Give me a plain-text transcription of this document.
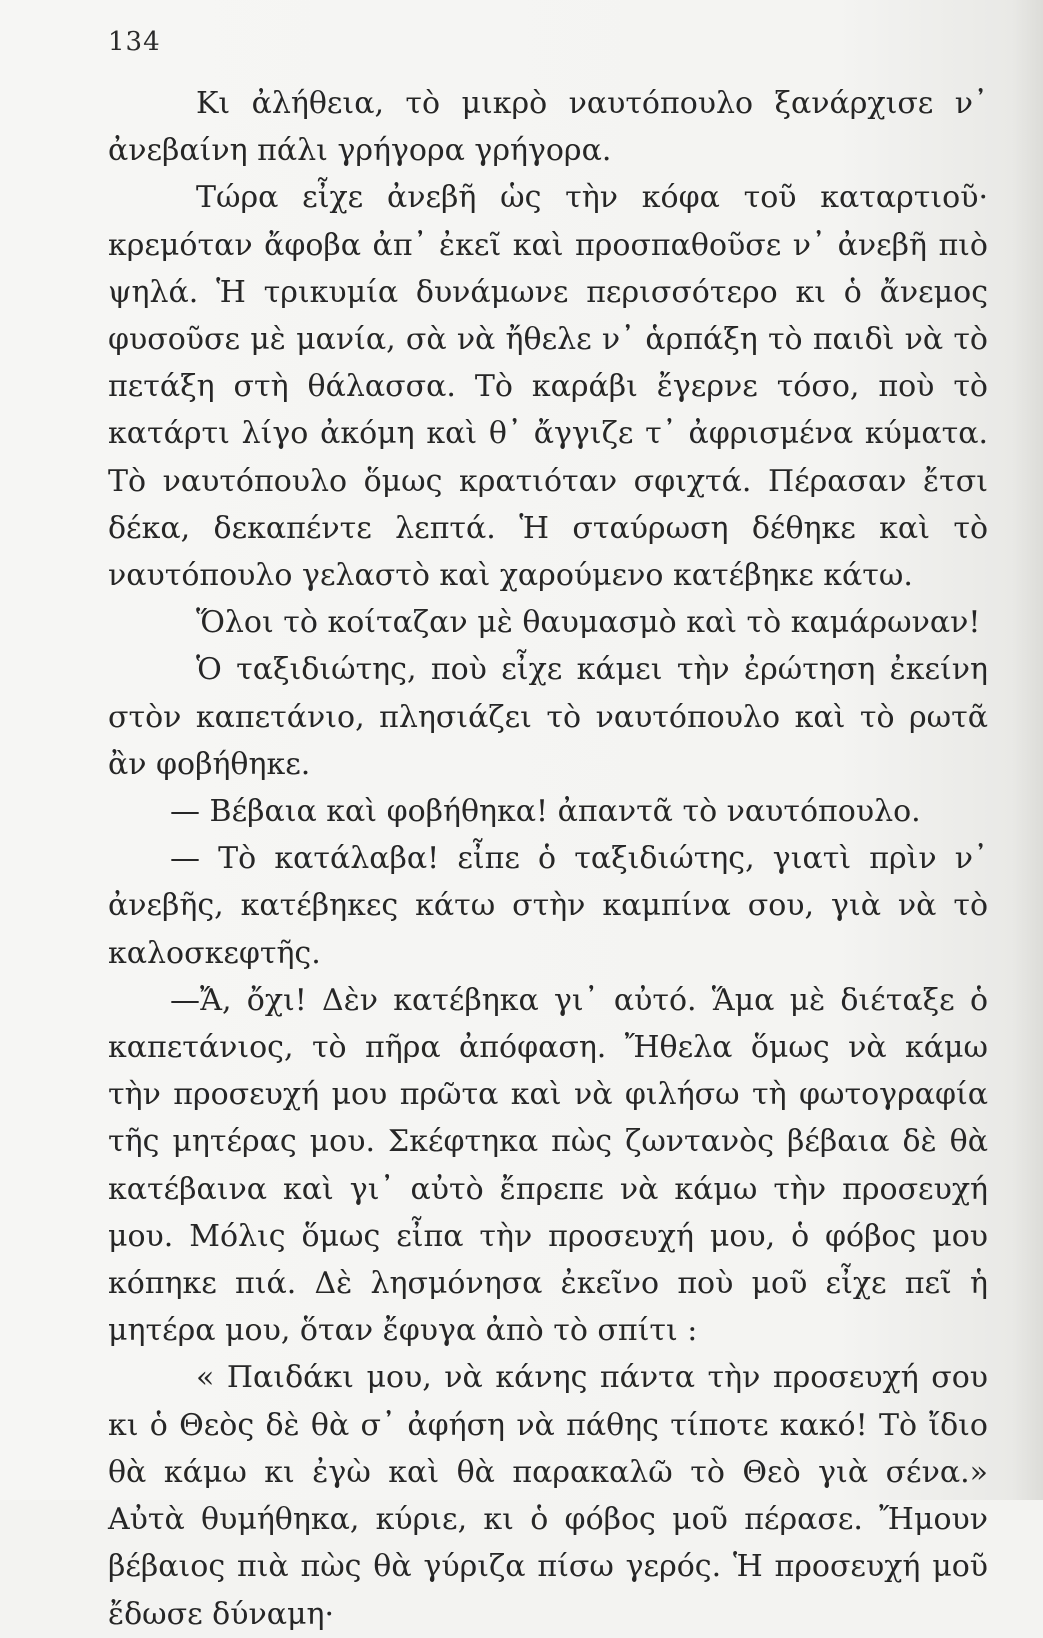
134

Κι ἀλήθεια, τὸ μικρὸ ναυτόπουλο ξανάρχισε ν᾽ ἀνεβαίνη πάλι γρήγορα γρήγορα.

Τώρα εἶχε ἀνεβῆ ὡς τὴν κόφα τοῦ καταρτιοῦ· κρεμόταν ἄφοβα ἀπ᾽ ἐκεῖ καὶ προσπαθοῦσε ν᾽ ἀνεβῆ πιὸ ψηλά. Ἡ τρικυμία δυνάμωνε περισσότερο κι ὁ ἄνεμος φυσοῦσε μὲ μανία, σὰ νὰ ἤθελε ν᾽ ἁρπάξη τὸ παιδὶ νὰ τὸ πετάξη στὴ θάλασσα. Τὸ καράβι ἔγερνε τόσο, ποὺ τὸ κατάρτι λίγο ἀκόμη καὶ θ᾽ ἄγγιζε τ᾽ ἀφρισμένα κύματα. Τὸ ναυτόπουλο ὅμως κρατιόταν σφιχτά. Πέρασαν ἔτσι δέκα, δεκαπέντε λεπτά. Ἡ σταύρωση δέθηκε καὶ τὸ ναυτόπουλο γελαστὸ καὶ χαρούμενο κατέβηκε κάτω.

Ὅλοι τὸ κοίταζαν μὲ θαυμασμὸ καὶ τὸ καμάρωναν!

Ὁ ταξιδιώτης, ποὺ εἶχε κάμει τὴν ἐρώτηση ἐκείνη στὸν καπετάνιο, πλησιάζει τὸ ναυτόπουλο καὶ τὸ ρωτᾶ ἂν φοβήθηκε.

— Βέβαια καὶ φοβήθηκα! ἀπαντᾶ τὸ ναυτόπουλο.

— Τὸ κατάλαβα! εἶπε ὁ ταξιδιώτης, γιατὶ πρὶν ν᾽ ἀνεβῆς, κατέβηκες κάτω στὴν καμπίνα σου, γιὰ νὰ τὸ καλοσκεφτῆς.

—Ἄ, ὄχι! Δὲν κατέβηκα γι᾽ αὐτό. Ἅμα μὲ διέταξε ὁ καπετάνιος, τὸ πῆρα ἀπόφαση. Ἤθελα ὅμως νὰ κάμω τὴν προσευχή μου πρῶτα καὶ νὰ φιλήσω τὴ φωτογραφία τῆς μητέρας μου. Σκέφτηκα πὼς ζωντανὸς βέβαια δὲ θὰ κατέβαινα καὶ γι᾽ αὐτὸ ἔπρεπε νὰ κάμω τὴν προσευχή μου. Μόλις ὅμως εἶπα τὴν προσευχή μου, ὁ φόβος μου κόπηκε πιά. Δὲ λησμόνησα ἐκεῖνο ποὺ μοῦ εἶχε πεῖ ἡ μητέρα μου, ὅταν ἔφυγα ἀπὸ τὸ σπίτι :

« Παιδάκι μου, νὰ κάνης πάντα τὴν προσευχή σου κι ὁ Θεὸς δὲ θὰ σ᾽ ἀφήση νὰ πάθης τίποτε κακό! Τὸ ἴδιο θὰ κάμω κι ἐγὼ καὶ θὰ παρακαλῶ τὸ Θεὸ γιὰ σένα.» Αὐτὰ θυμήθηκα, κύριε, κι ὁ φόβος μοῦ πέρασε. Ἤμουν βέβαιος πιὰ πὼς θὰ γύριζα πίσω γερός. Ἡ προσευχή μοῦ ἔδωσε δύναμη·
